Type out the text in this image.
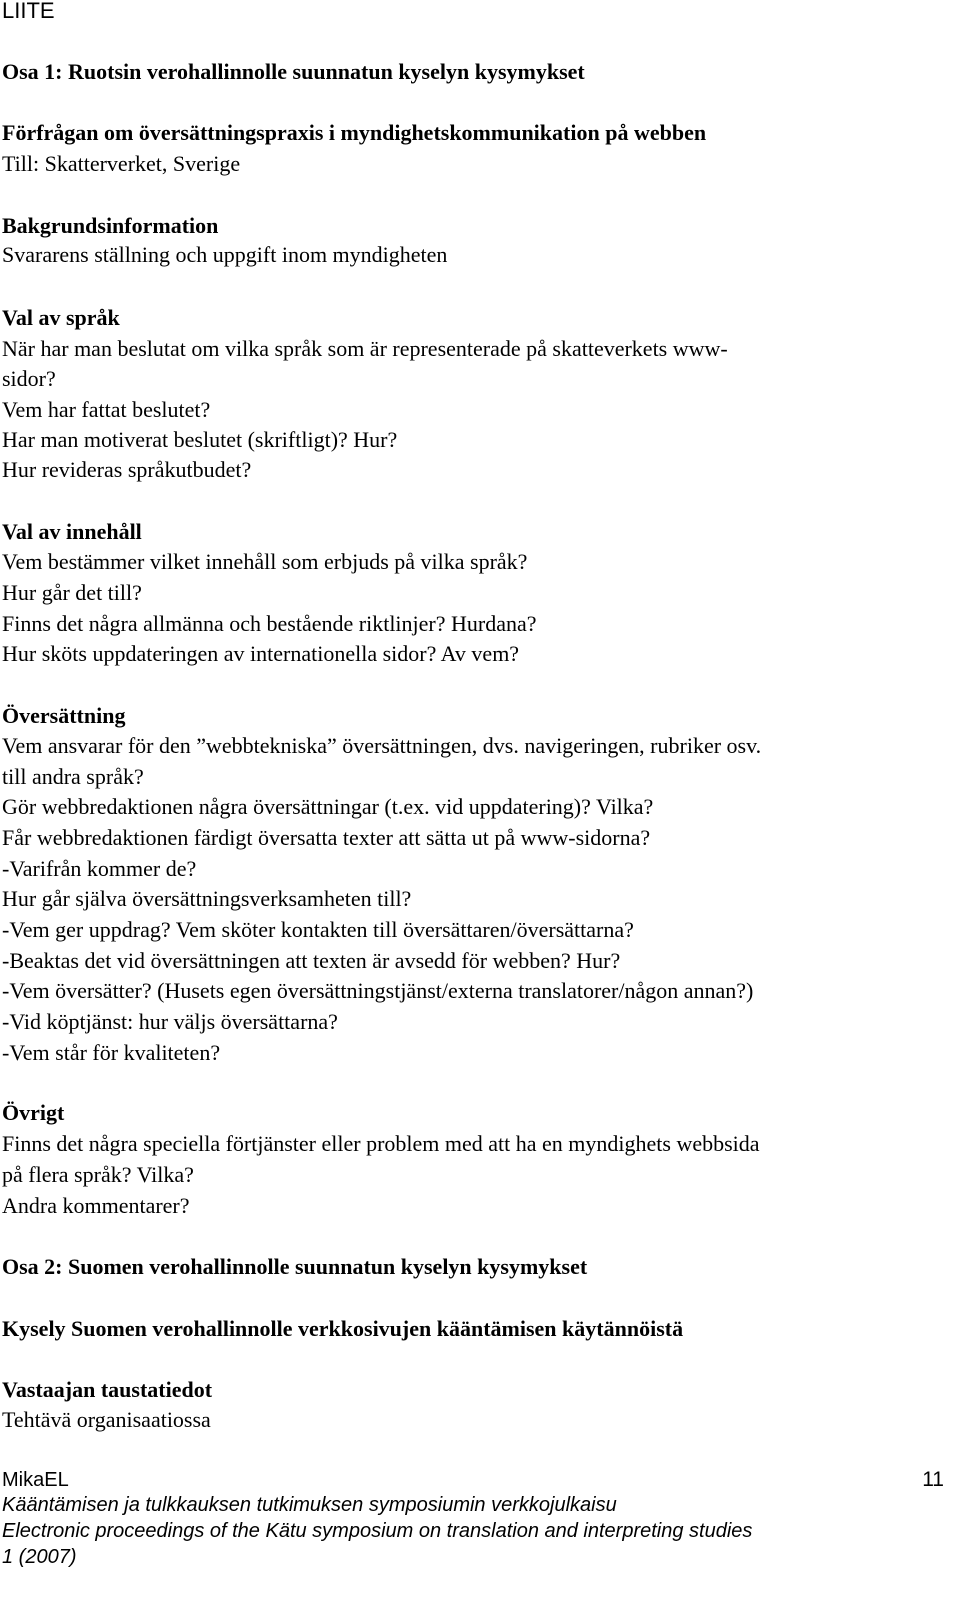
LIITE

Osa 1: Ruotsin verohallinnolle suunnatun kyselyn kysymykset

Förfrågan om översättningspraxis i myndighetskommunikation på webben

Till: Skatterverket, Sverige

Bakgrundsinformation

Svararens ställning och uppgift inom myndigheten

Val av språk

När har man beslutat om vilka språk som är representerade på skatteverkets www-

sidor?

Vem har fattat beslutet?

Har man motiverat beslutet (skriftligt)? Hur?

Hur revideras språkutbudet?

Val av innehåll

Vem bestämmer vilket innehåll som erbjuds på vilka språk?

Hur går det till?

Finns det några allmänna och bestående riktlinjer? Hurdana?

Hur sköts uppdateringen av internationella sidor? Av vem?

Översättning

Vem ansvarar för den ”webbtekniska” översättningen, dvs. navigeringen, rubriker osv.

till andra språk?

Gör webbredaktionen några översättningar (t.ex. vid uppdatering)? Vilka?

Får webbredaktionen färdigt översatta texter att sätta ut på www-sidorna?

-Varifrån kommer de?

Hur går själva översättningsverksamheten till?

-Vem ger uppdrag? Vem sköter kontakten till översättaren/översättarna?

-Beaktas det vid översättningen att texten är avsedd för webben? Hur?

-Vem översätter? (Husets egen översättningstjänst/externa translatorer/någon annan?)

-Vid köptjänst: hur väljs översättarna?

-Vem står för kvaliteten?

Övrigt

Finns det några speciella förtjänster eller problem med att ha en myndighets webbsida

på flera språk? Vilka?

Andra kommentarer?

Osa 2: Suomen verohallinnolle suunnatun kyselyn kysymykset

Kysely Suomen verohallinnolle verkkosivujen kääntämisen käytännöistä

Vastaajan taustatiedot

Tehtävä organisaatiossa

MikaEL	11

Kääntämisen ja tulkkauksen tutkimuksen symposiumin verkkojulkaisu

Electronic proceedings of the Kätu symposium on translation and interpreting studies

1 (2007)
